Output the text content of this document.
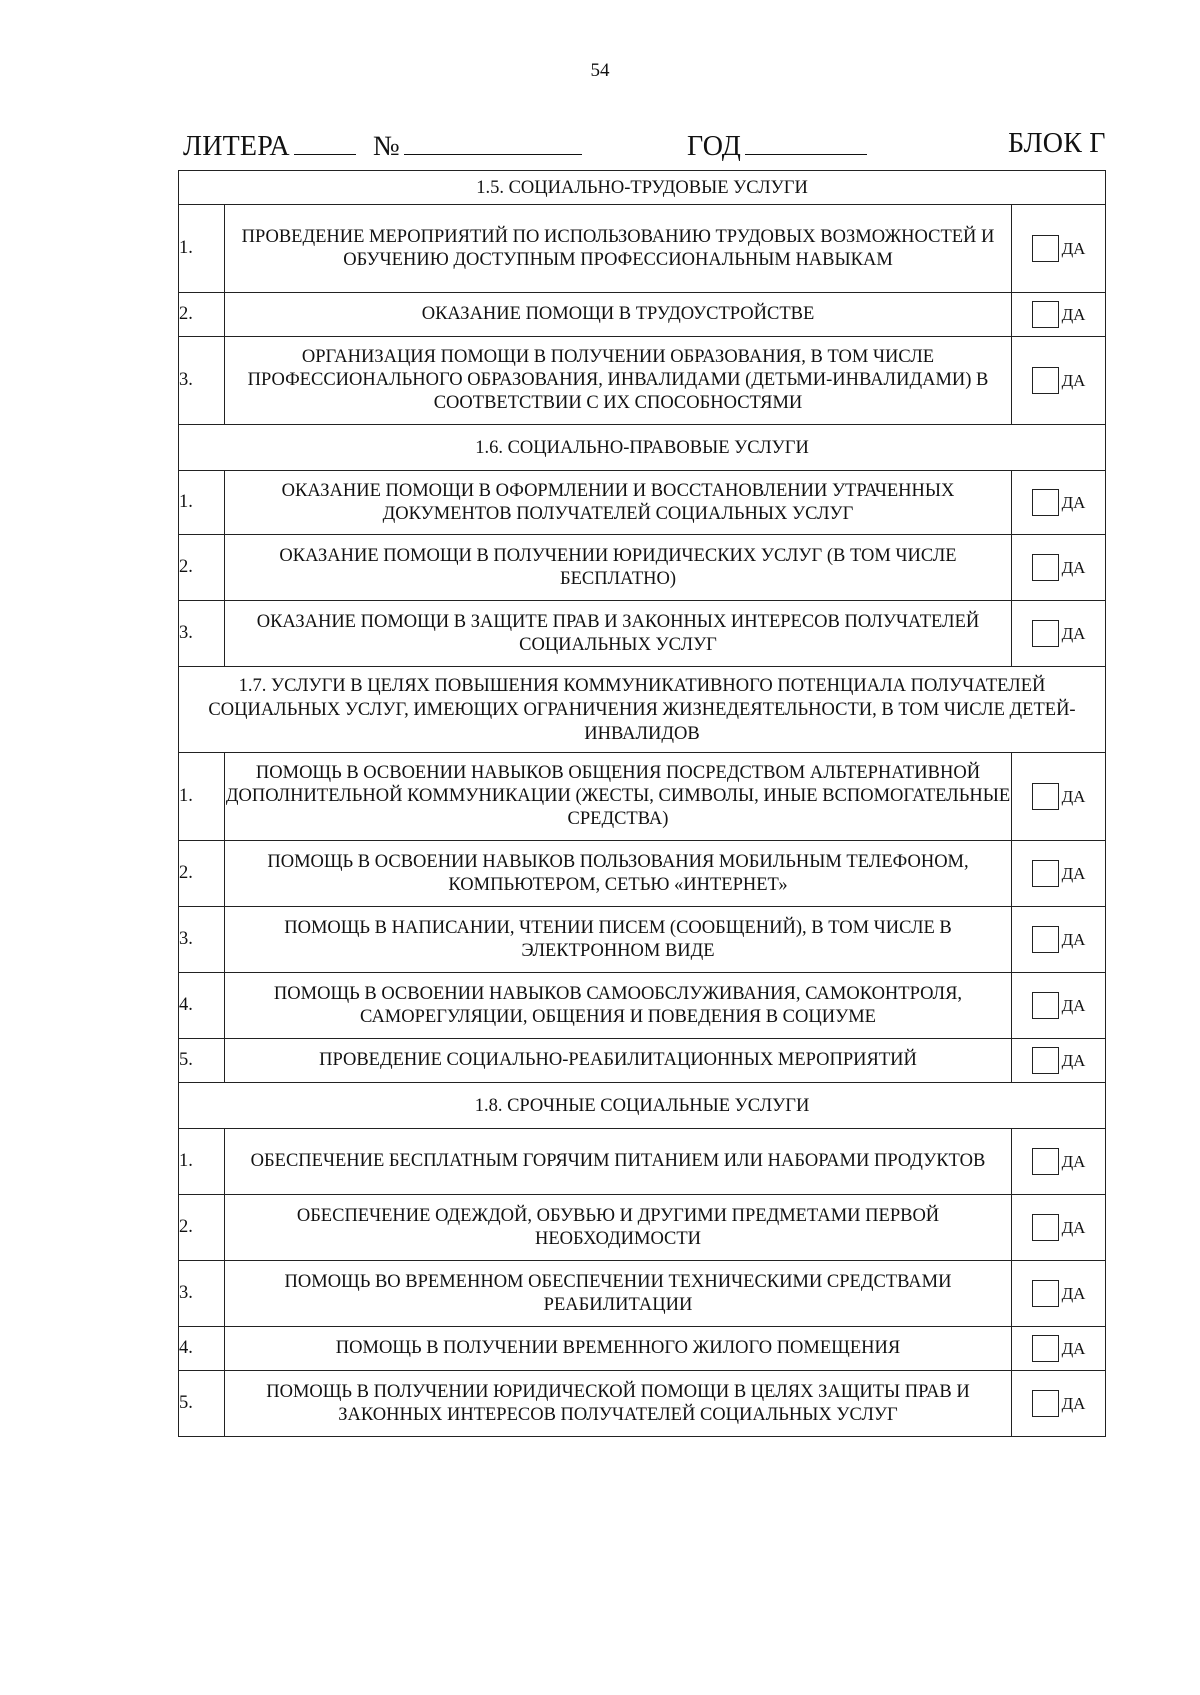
54
ЛИТЕРА	№	ГОД	БЛОК Г
1.5. СОЦИАЛЬНО-ТРУДОВЫЕ УСЛУГИ		
1.	ПРОВЕДЕНИЕ МЕРОПРИЯТИЙ ПО ИСПОЛЬЗОВАНИЮ ТРУДОВЫХ ВОЗМОЖНОСТЕЙ И ОБУЧЕНИЮ ДОСТУПНЫМ ПРОФЕССИОНАЛЬНЫМ НАВЫКАМ	ДА

2.	ОКАЗАНИЕ ПОМОЩИ В ТРУДОУСТРОЙСТВЕ	ДА

3.	ОРГАНИЗАЦИЯ ПОМОЩИ В ПОЛУЧЕНИИ ОБРАЗОВАНИЯ, В ТОМ ЧИСЛЕ ПРОФЕССИОНАЛЬНОГО ОБРАЗОВАНИЯ, ИНВАЛИДАМИ (ДЕТЬМИ-ИНВАЛИДАМИ) В СООТВЕТСТВИИ С ИХ СПОСОБНОСТЯМИ	ДА

1.6. СОЦИАЛЬНО-ПРАВОВЫЕ УСЛУГИ		
1.	ОКАЗАНИЕ ПОМОЩИ В ОФОРМЛЕНИИ И ВОССТАНОВЛЕНИИ УТРАЧЕННЫХ ДОКУМЕНТОВ ПОЛУЧАТЕЛЕЙ СОЦИАЛЬНЫХ УСЛУГ	ДА

2.	ОКАЗАНИЕ ПОМОЩИ В ПОЛУЧЕНИИ ЮРИДИЧЕСКИХ УСЛУГ (В ТОМ ЧИСЛЕ БЕСПЛАТНО)	ДА

3.	ОКАЗАНИЕ ПОМОЩИ В ЗАЩИТЕ ПРАВ И ЗАКОННЫХ ИНТЕРЕСОВ ПОЛУЧАТЕЛЕЙ СОЦИАЛЬНЫХ УСЛУГ	ДА

1.7. УСЛУГИ В ЦЕЛЯХ ПОВЫШЕНИЯ КОММУНИКАТИВНОГО ПОТЕНЦИАЛА ПОЛУЧАТЕЛЕЙ СОЦИАЛЬНЫХ УСЛУГ, ИМЕЮЩИХ ОГРАНИЧЕНИЯ ЖИЗНЕДЕЯТЕЛЬНОСТИ, В ТОМ ЧИСЛЕ ДЕТЕЙ-ИНВАЛИДОВ		
1.	ПОМОЩЬ В ОСВОЕНИИ НАВЫКОВ ОБЩЕНИЯ ПОСРЕДСТВОМ АЛЬТЕРНАТИВНОЙ ДОПОЛНИТЕЛЬНОЙ КОММУНИКАЦИИ (ЖЕСТЫ, СИМВОЛЫ, ИНЫЕ ВСПОМОГАТЕЛЬНЫЕ СРЕДСТВА)	ДА

2.	ПОМОЩЬ В ОСВОЕНИИ НАВЫКОВ ПОЛЬЗОВАНИЯ МОБИЛЬНЫМ ТЕЛЕФОНОМ, КОМПЬЮТЕРОМ, СЕТЬЮ «ИНТЕРНЕТ»	ДА

3.	ПОМОЩЬ В НАПИСАНИИ, ЧТЕНИИ ПИСЕМ (СООБЩЕНИЙ), В ТОМ ЧИСЛЕ В ЭЛЕКТРОННОМ ВИДЕ	ДА

4.	ПОМОЩЬ В ОСВОЕНИИ НАВЫКОВ САМООБСЛУЖИВАНИЯ, САМОКОНТРОЛЯ, САМОРЕГУЛЯЦИИ, ОБЩЕНИЯ И ПОВЕДЕНИЯ В СОЦИУМЕ	ДА

5.	ПРОВЕДЕНИЕ СОЦИАЛЬНО-РЕАБИЛИТАЦИОННЫХ МЕРОПРИЯТИЙ	ДА

1.8. СРОЧНЫЕ СОЦИАЛЬНЫЕ УСЛУГИ		
1.	ОБЕСПЕЧЕНИЕ БЕСПЛАТНЫМ ГОРЯЧИМ ПИТАНИЕМ ИЛИ НАБОРАМИ ПРОДУКТОВ	ДА

2.	ОБЕСПЕЧЕНИЕ ОДЕЖДОЙ, ОБУВЬЮ И ДРУГИМИ ПРЕДМЕТАМИ ПЕРВОЙ НЕОБХОДИМОСТИ	ДА

3.	ПОМОЩЬ ВО ВРЕМЕННОМ ОБЕСПЕЧЕНИИ ТЕХНИЧЕСКИМИ СРЕДСТВАМИ РЕАБИЛИТАЦИИ	ДА

4.	ПОМОЩЬ В ПОЛУЧЕНИИ ВРЕМЕННОГО ЖИЛОГО ПОМЕЩЕНИЯ	ДА

5.	ПОМОЩЬ В ПОЛУЧЕНИИ ЮРИДИЧЕСКОЙ ПОМОЩИ В ЦЕЛЯХ ЗАЩИТЫ ПРАВ И ЗАКОННЫХ ИНТЕРЕСОВ ПОЛУЧАТЕЛЕЙ СОЦИАЛЬНЫХ УСЛУГ	ДА
